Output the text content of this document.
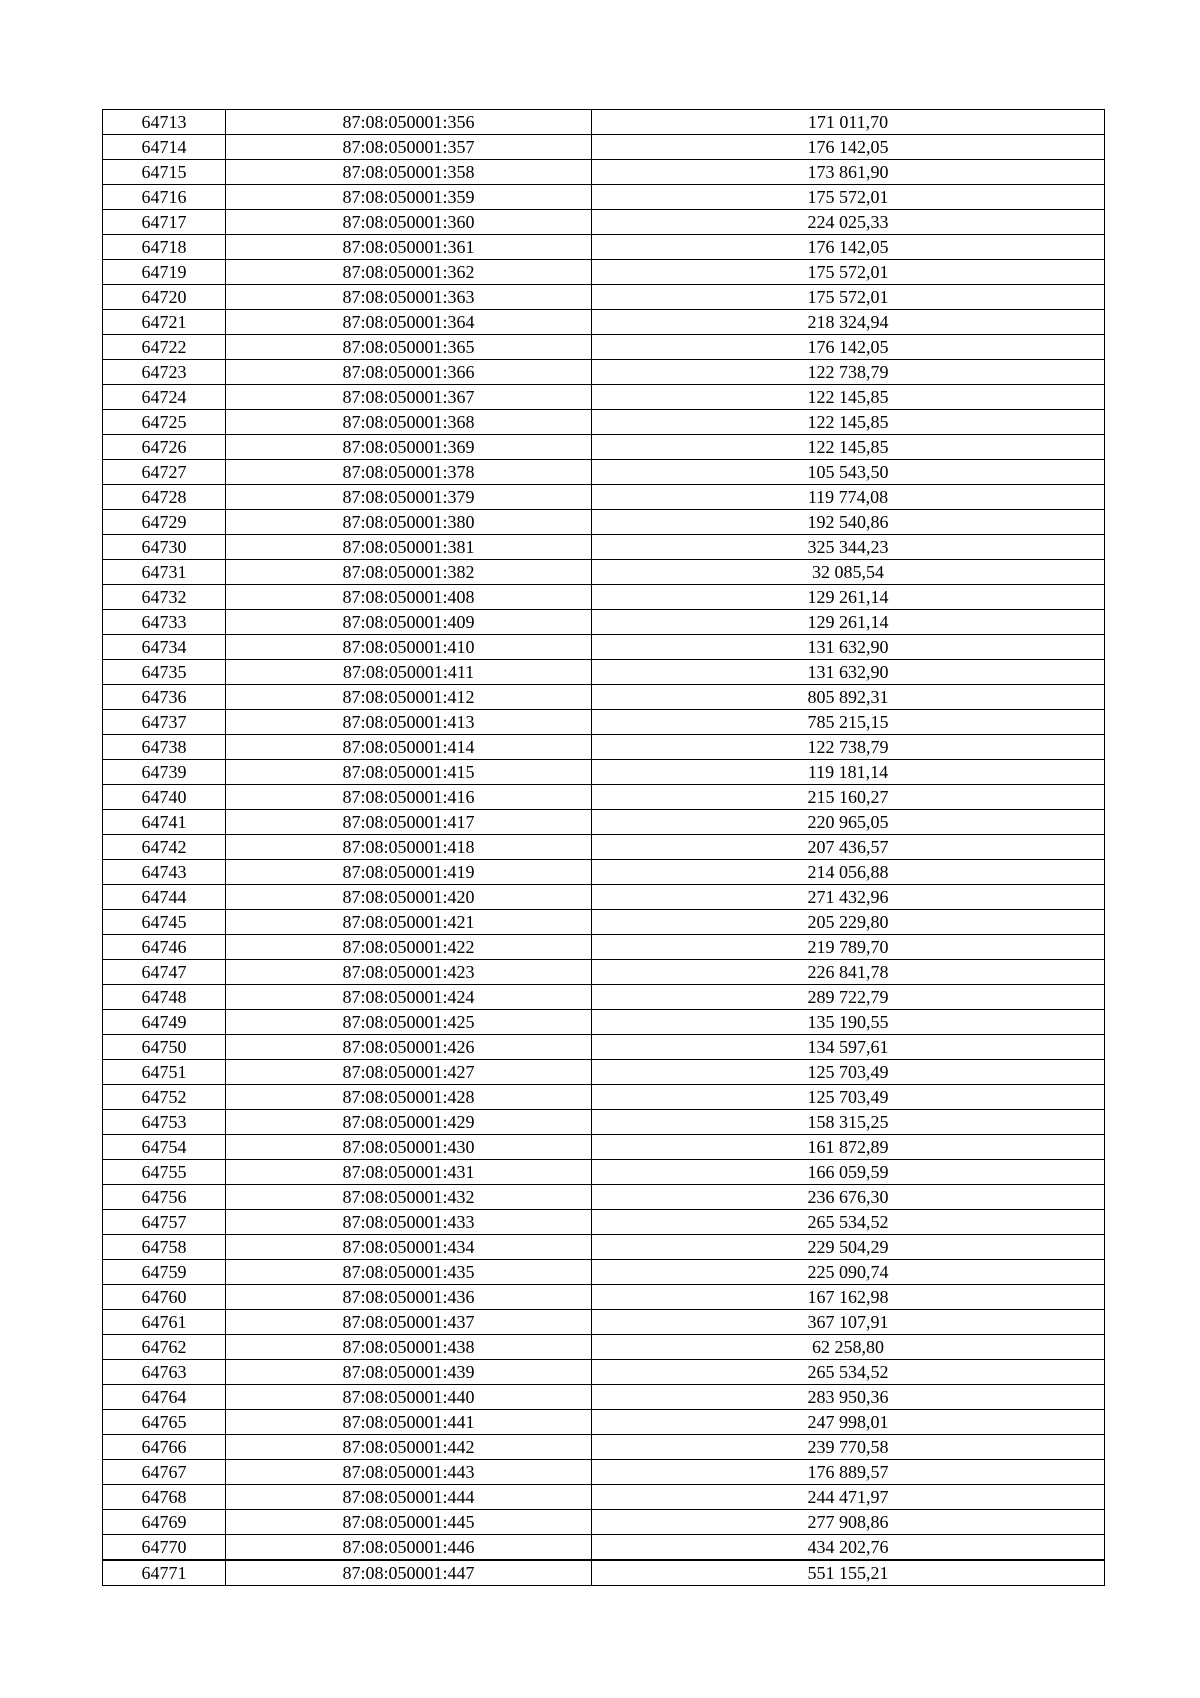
64713	87:08:050001:356	171 011,70
64714	87:08:050001:357	176 142,05
64715	87:08:050001:358	173 861,90
64716	87:08:050001:359	175 572,01
64717	87:08:050001:360	224 025,33
64718	87:08:050001:361	176 142,05
64719	87:08:050001:362	175 572,01
64720	87:08:050001:363	175 572,01
64721	87:08:050001:364	218 324,94
64722	87:08:050001:365	176 142,05
64723	87:08:050001:366	122 738,79
64724	87:08:050001:367	122 145,85
64725	87:08:050001:368	122 145,85
64726	87:08:050001:369	122 145,85
64727	87:08:050001:378	105 543,50
64728	87:08:050001:379	119 774,08
64729	87:08:050001:380	192 540,86
64730	87:08:050001:381	325 344,23
64731	87:08:050001:382	32 085,54
64732	87:08:050001:408	129 261,14
64733	87:08:050001:409	129 261,14
64734	87:08:050001:410	131 632,90
64735	87:08:050001:411	131 632,90
64736	87:08:050001:412	805 892,31
64737	87:08:050001:413	785 215,15
64738	87:08:050001:414	122 738,79
64739	87:08:050001:415	119 181,14
64740	87:08:050001:416	215 160,27
64741	87:08:050001:417	220 965,05
64742	87:08:050001:418	207 436,57
64743	87:08:050001:419	214 056,88
64744	87:08:050001:420	271 432,96
64745	87:08:050001:421	205 229,80
64746	87:08:050001:422	219 789,70
64747	87:08:050001:423	226 841,78
64748	87:08:050001:424	289 722,79
64749	87:08:050001:425	135 190,55
64750	87:08:050001:426	134 597,61
64751	87:08:050001:427	125 703,49
64752	87:08:050001:428	125 703,49
64753	87:08:050001:429	158 315,25
64754	87:08:050001:430	161 872,89
64755	87:08:050001:431	166 059,59
64756	87:08:050001:432	236 676,30
64757	87:08:050001:433	265 534,52
64758	87:08:050001:434	229 504,29
64759	87:08:050001:435	225 090,74
64760	87:08:050001:436	167 162,98
64761	87:08:050001:437	367 107,91
64762	87:08:050001:438	62 258,80
64763	87:08:050001:439	265 534,52
64764	87:08:050001:440	283 950,36
64765	87:08:050001:441	247 998,01
64766	87:08:050001:442	239 770,58
64767	87:08:050001:443	176 889,57
64768	87:08:050001:444	244 471,97
64769	87:08:050001:445	277 908,86
64770	87:08:050001:446	434 202,76
64771	87:08:050001:447	551 155,21
